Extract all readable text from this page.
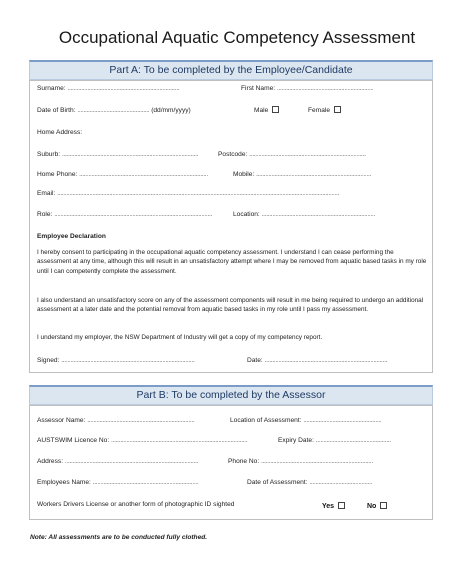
Occupational Aquatic Competency Assessment
Part A: To be completed by the Employee/Candidate
Surname: .........................................................................	First Name: ...............................................................
Date of Birth: ............................................... (dd/mm/yyyy)	Male	Female
Home Address:
Suburb: .........................................................................................	Postcode: ............................................................................
Home Phone: ....................................................................................	Mobile: ...........................................................................
Email: ........................................................................................................................................................................................
Role: .......................................................................................................	Location: ..........................................................................
Employee Declaration
I hereby consent to participating in the occupational aquatic competency assessment. I understand I can cease performing the assessment at any time, although this will result in an unsatisfactory attempt where I may be removed from aquatic based tasks in my role until I can competently complete the assessment.
I also understand an unsatisfactory score on any of the assessment components will result in me being required to undergo an additional assessment at a later date and the potential removal from aquatic based tasks in my role until I pass my assessment.
I understand my employer, the NSW Department of Industry will get a copy of my competency report.
Signed: .......................................................................................	Date: ................................................................................
Part B: To be completed by the Assessor
Assessor Name: ......................................................................	Location of Assessment: ...................................................
AUSTSWIM Licence No: .........................................................................................	Expiry Date: .................................................
Address: .......................................................................................	Phone No: .........................................................................
Employees Name: .....................................................................	Date of Assessment: .........................................
Workers Drivers License or another form of photographic ID sighted	Yes	No
Note: All assessments are to be conducted fully clothed.
